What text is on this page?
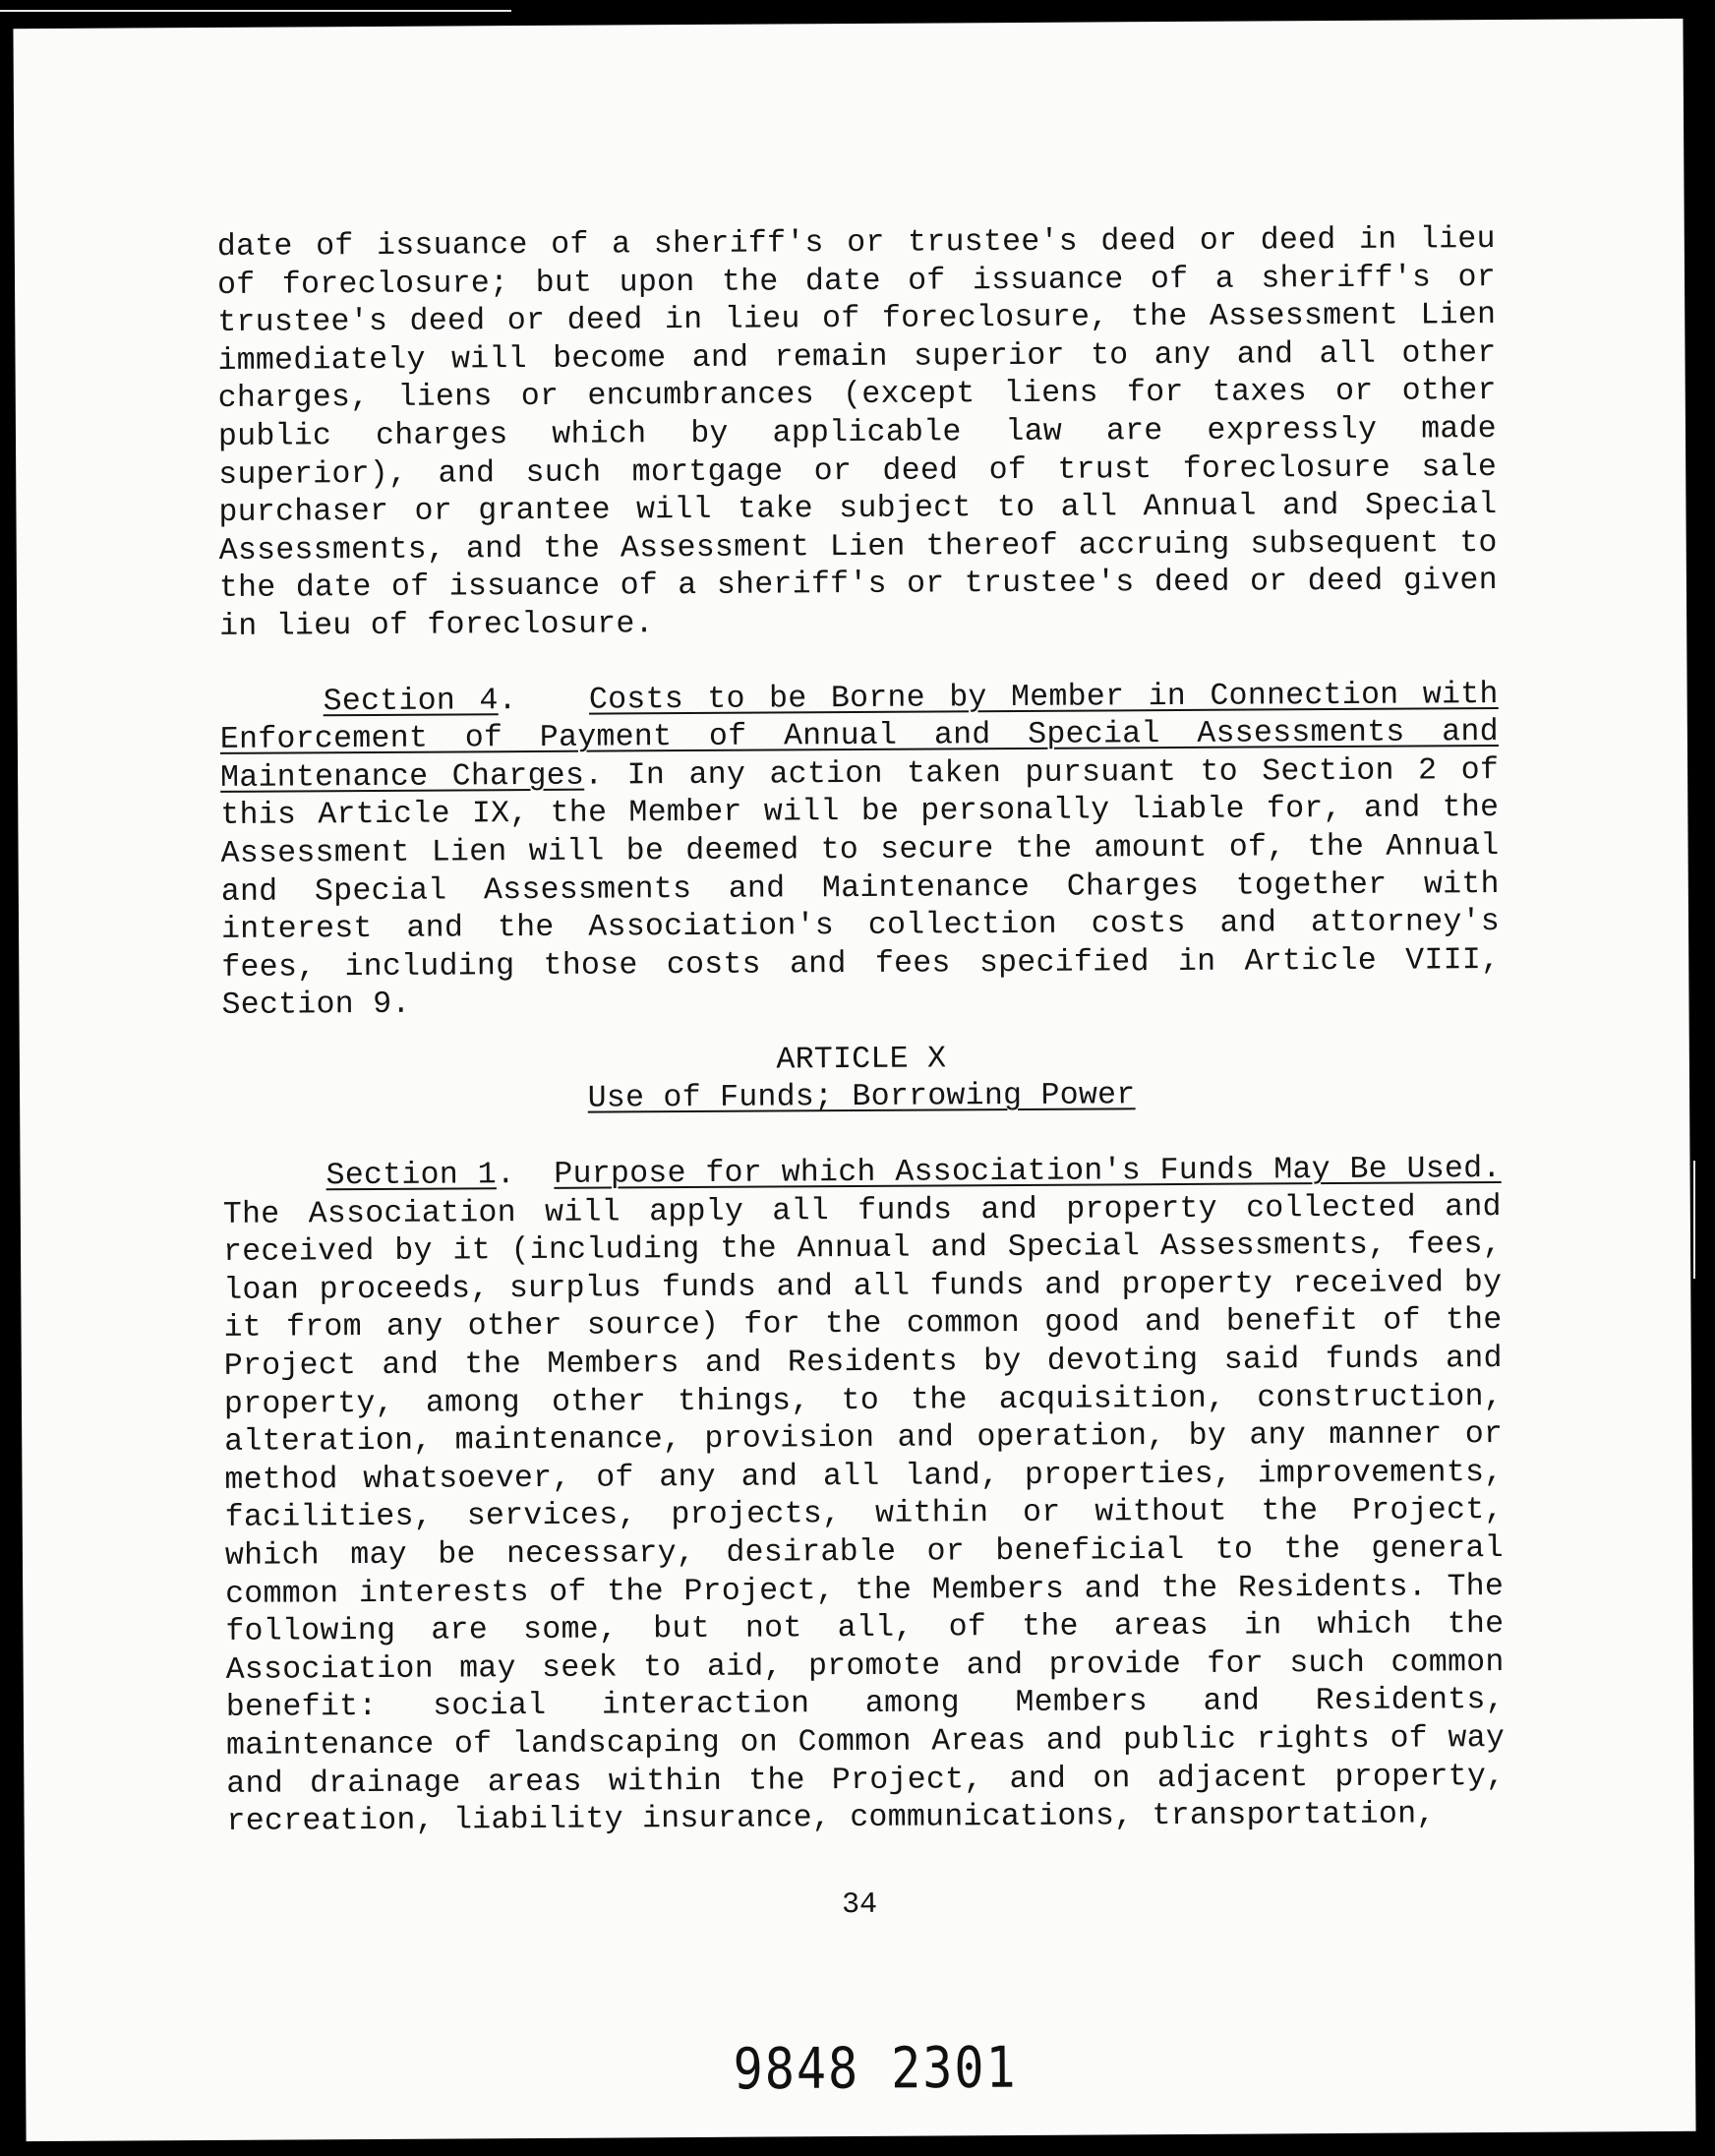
date of issuance of a sheriff's or trustee's deed or deed in lieu of foreclosure; but upon the date of issuance of a sheriff's or trustee's deed or deed in lieu of foreclosure, the Assessment Lien immediately will become and remain superior to any and all other charges, liens or encumbrances (except liens for taxes or other public charges which by applicable law are expressly made superior), and such mortgage or deed of trust foreclosure sale purchaser or grantee will take subject to all Annual and Special Assessments, and the Assessment Lien thereof accruing subsequent to the date of issuance of a sheriff's or trustee's deed or deed given in lieu of foreclosure.

Section 4. Costs to be Borne by Member in Connection with Enforcement of Payment of Annual and Special Assessments and Maintenance Charges. In any action taken pursuant to Section 2 of this Article IX, the Member will be personally liable for, and the Assessment Lien will be deemed to secure the amount of, the Annual and Special Assessments and Maintenance Charges together with interest and the Association's collection costs and attorney's fees, including those costs and fees specified in Article VIII, Section 9.

ARTICLE X
Use of Funds; Borrowing Power

Section 1. Purpose for which Association's Funds May Be Used. The Association will apply all funds and property collected and received by it (including the Annual and Special Assessments, fees, loan proceeds, surplus funds and all funds and property received by it from any other source) for the common good and benefit of the Project and the Members and Residents by devoting said funds and property, among other things, to the acquisition, construction, alteration, maintenance, provision and operation, by any manner or method whatsoever, of any and all land, properties, improvements, facilities, services, projects, within or without the Project, which may be necessary, desirable or beneficial to the general common interests of the Project, the Members and the Residents. The following are some, but not all, of the areas in which the Association may seek to aid, promote and provide for such common benefit: social interaction among Members and Residents, maintenance of landscaping on Common Areas and public rights of way and drainage areas within the Project, and on adjacent property, recreation, liability insurance, communications, transportation,

34
9848 2301
